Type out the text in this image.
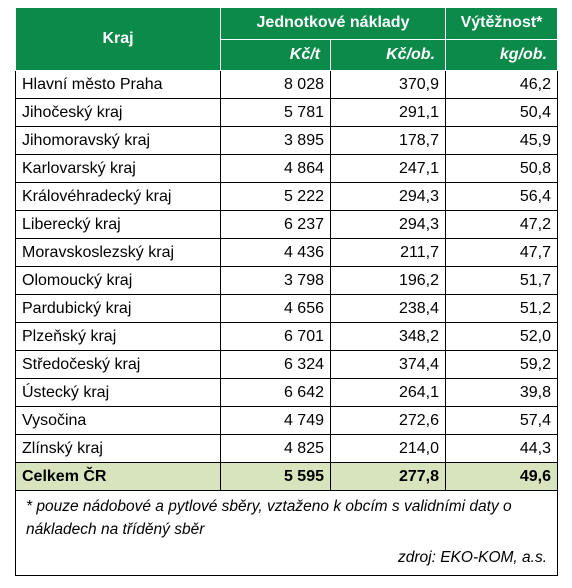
Kraj	Jednotkové náklady		Výtěžnost*
	Kč/t	Kč/ob.	kg/ob.
Hlavní město Praha	8 028	370,9	46,2
Jihočeský kraj	5 781	291,1	50,4
Jihomoravský kraj	3 895	178,7	45,9
Karlovarský kraj	4 864	247,1	50,8
Královéhradecký kraj	5 222	294,3	56,4
Liberecký kraj	6 237	294,3	47,2
Moravskoslezský kraj	4 436	211,7	47,7
Olomoucký kraj	3 798	196,2	51,7
Pardubický kraj	4 656	238,4	51,2
Plzeňský kraj	6 701	348,2	52,0
Středočeský kraj	6 324	374,4	59,2
Ústecký kraj	6 642	264,1	39,8
Vysočina	4 749	272,6	57,4
Zlínský kraj	4 825	214,0	44,3
Celkem ČR	5 595	277,8	49,6
* pouze nádobové a pytlové sběry, vztaženo k obcím s validními daty o nákladech na tříděný sběr			
zdroj: EKO-KOM, a.s.			
